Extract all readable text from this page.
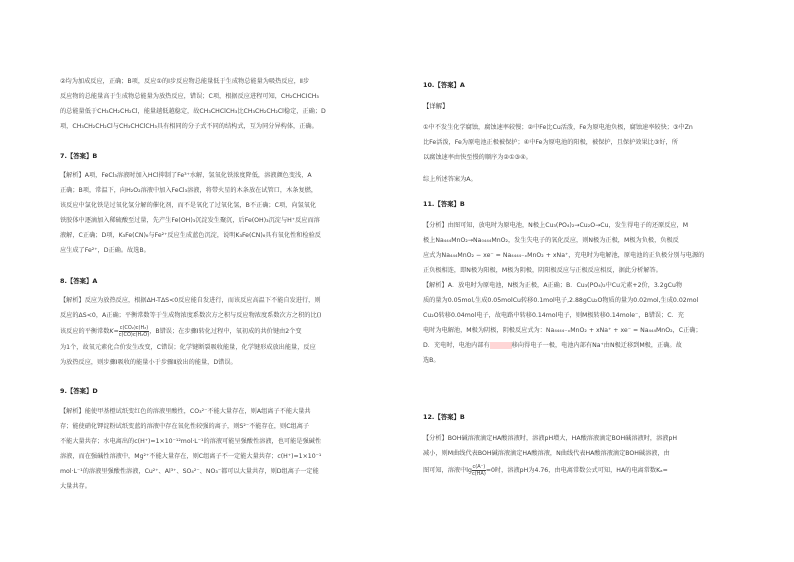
②均为加成反应，正确；B项，反应①的Ⅰ步反应物总能量低于生成物总能量为吸热反应，Ⅱ步
反应物的总能量高于生成物总能量为放热反应，错误；C项，根据反应进程可知，CH₂CHCICH₃
的总能量低于CH₃CH₂CH₂Cl，能量越低越稳定，故CH₃CHClCH₃比CH₃CH₂CH₂Cl稳定，正确；D
项，CH₃CH₂CH₂Cl与CH₃CHClCH₃具有相同的分子式不同的结构式，互为同分异构体，正确。
7.【答案】B
【解析】A项，FeCl₃溶液时加入HCl抑制了Fe³⁺水解，氢氧化铁浓度降低，溶液颜色变浅，A
正确；B项，常温下，向H₂O₂溶液中加入FeCl₃溶液，将带火星的木条放在试管口，木条复燃，
该反应中氯化铁是过氧化氢分解的催化剂，而不是氧化了过氧化氢，B不正确；C项，向氢氧化
铁胶体中逐滴加入稀硫酸至过量，先产生Fe(OH)₃沉淀发生聚沉，后Fe(OH)₃沉淀与H⁺反应而溶
液解，C正确；D项，K₃Fe(CN)₆与Fe²⁺反应生成蓝色沉淀，说明K₃Fe(CN)₆具有氧化性和检验反
应生成了Fe²⁺，D正确。故选B。
8.【答案】A
【解析】反应为放热反应，根据ΔH-TΔS<0反应能自发进行，而该反应高温下不能自发进行，则
反应的ΔS<0，A正确；平衡常数等于生成物浓度系数次方之积与反应物浓度系数次方之积的比()
该反应的平衡常数$K= \frac{\text{c(CO₂)c(H₂)}}{\text{c(CO)c(H₂O)}}$ ，B错误；在步骤Ⅰ转化过程中，氧初成的共价键由2个变
为1个，故氧元素化合价发生改变，C错误；化学键断裂吸收能量，化学键形成放出能量，反应
为放热反应，则步骤Ⅰ吸收的能量小于步骤Ⅱ放出的能量，D错误。
9.【答案】D
【解析】能使甲基橙试纸变红色的溶液里酸性，CO₃²⁻不能大量存在，则A组离子不能大量共
存；能使硝化钾淀粉试纸变蓝的溶液中存在氧化性较强的离子，则S²⁻不能存在，则C组离子
不能大量共存；水电离出的c(H⁺)=1×10⁻¹²mol·L⁻¹的溶液可能呈强酸性溶液，也可能是强碱性
溶液，而在强碱性溶液中，Mg²⁺不能大量存在，则C组离子不一定能大量共存；c(H⁺)=1×10⁻¹
mol·L⁻¹的溶液里强酸性溶液，Cu²⁺、Al³⁺、SO₄²⁻、NO₃⁻都可以大量共存，则D组离子一定能
大量共存。
10.【答案】A
【详解】
①中不发生化学腐蚀，腐蚀速率较慢；②中Fe比Cu活泼，Fe为原电池负极，腐蚀速率较快；③中Zn
比Fe活泼，Fe为原电池正极被保护；④中Fe为原电池的阳极，被保护，且保护效果比③好，所
以腐蚀速率由快至慢的顺序为②①③④。
综上所述答案为A。
11.【答案】B
【分析】由图可知，放电时为原电池，N极上Cu₃(PO₄)₂→Cu₂O→Cu，发生得电子的还原反应，M
极上Na₄₄₄MnO₂→Na₀₄₄₄MnO₂，发生失电子的氧化反应，则N极为正极，M极为负极，负极反
应式为Na₄₄₄MnO₂ − xe⁻ = Na₄₄₄₄₋ₓMnO₂ + xNa⁺，充电时为电解池，原电池的正负极分别与电源的
正负极相连，即N极为阳极，M极为阴极，阴阳极反应与正极反应相反，据此分析解答。
【解析】A．放电时为原电池，N极为正极，A正确；B．Cu₃(PO₄)₂中Cu元素+2价，3.2gCu物
质的量为0.05mol,生成0.05molCu转移0.1mol电子,2.88gCu₂O物质的量为0.02mol,生成0.02mol
Cu₂O转移0.04mol电子，故电路中转移0.14mol电子，则M极转移0.14mole⁻，B错误；C．充
电时为电解池，M极为阴极，阴极反应式为：Na₄₄₄₄₋ₓMnO₂ + xNa⁺ + xe⁻ = Na₄₄₄MnO₂，C正确；
D．充电时，电池内部有	移向得电子一极，电池内部有Na⁺由N极迁移到M极，正确。故
选B。
12.【答案】B
【分析】BOH碱溶液滴定HA酸溶液时，溶液pH增大，HA酸溶液滴定BOH碱溶液时，溶液pH
减小，则M曲线代表BOH碱溶液滴定HA酸溶液，N曲线代表HA酸溶液滴定BOH碱溶液，由
图可知，溶液中$\lg \frac{c(A^-)}{c(HA)} =0$时，溶液pH为4.76，由电离常数公式可知，HA的电离常数Kₐ=
